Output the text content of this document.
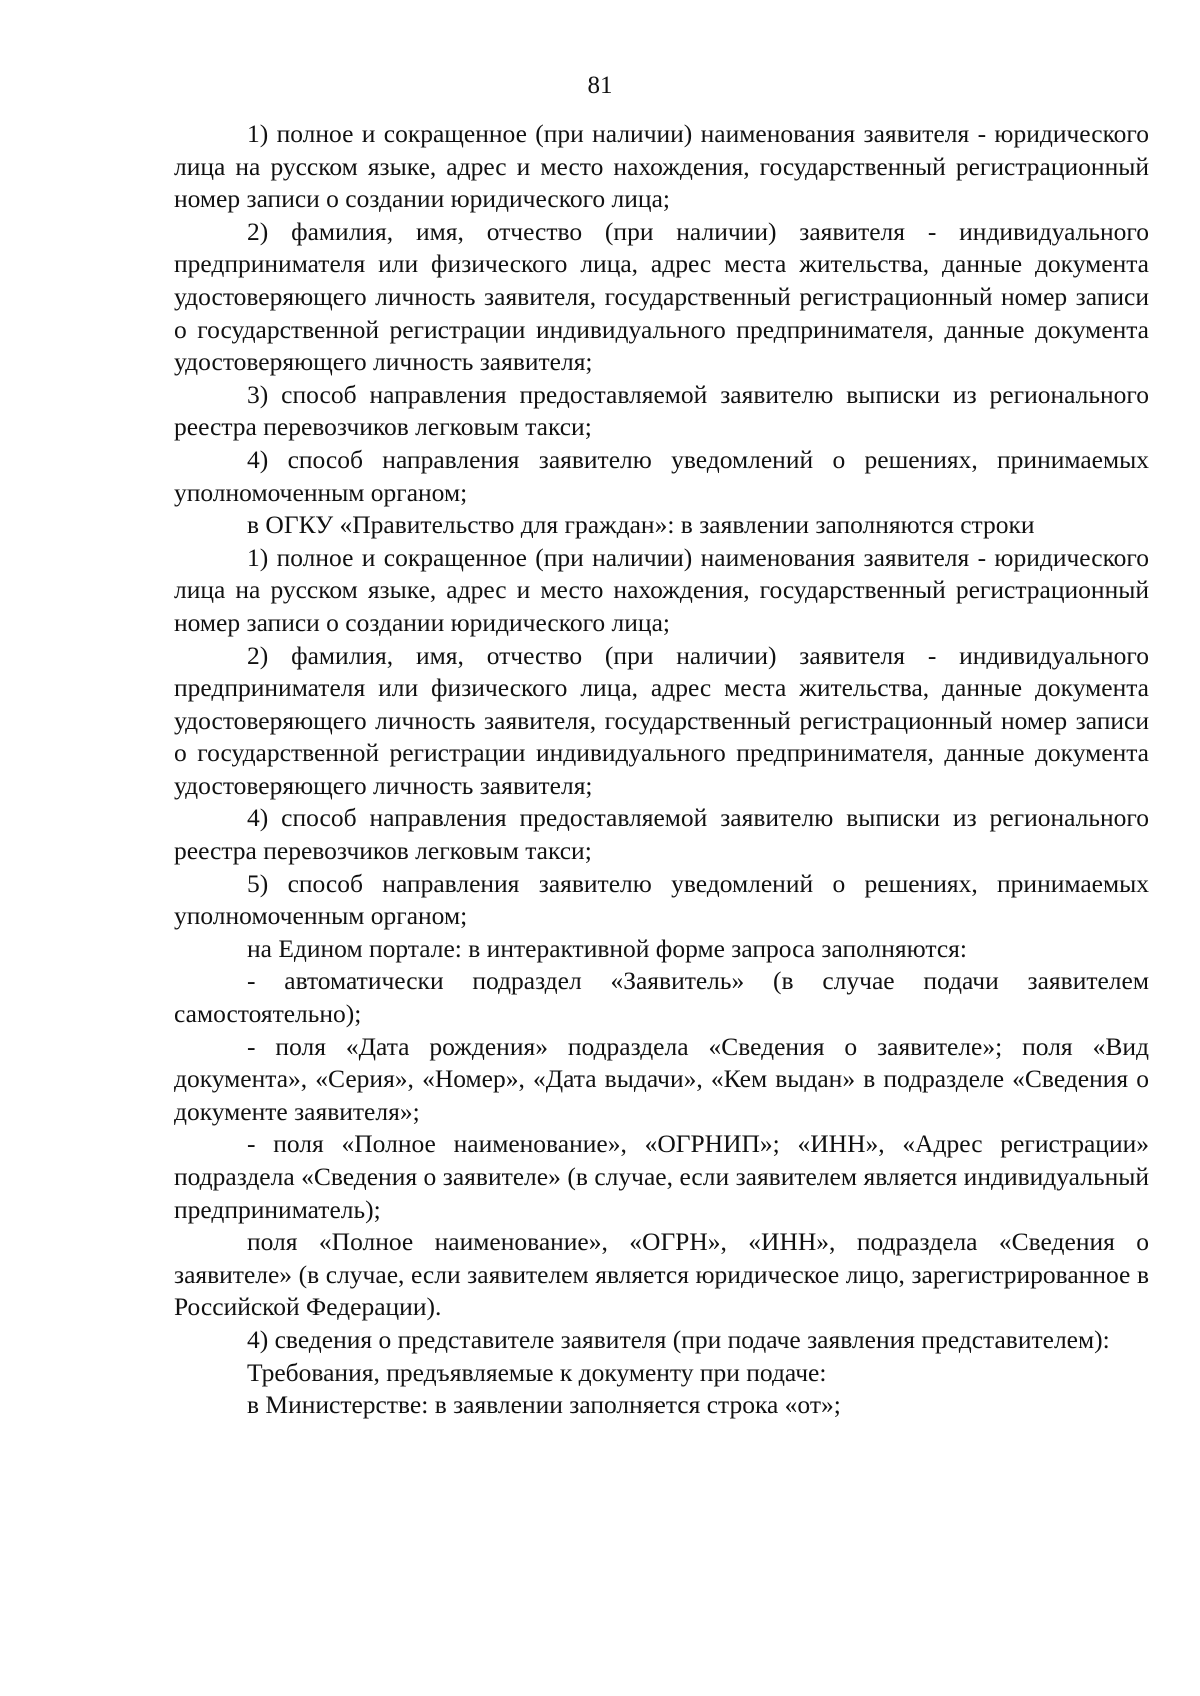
81

1) полное и сокращенное (при наличии) наименования заявителя - юридического лица на русском языке, адрес и место нахождения, государственный регистрационный номер записи о создании юридического лица;

2) фамилия, имя, отчество (при наличии) заявителя - индивидуального предпринимателя или физического лица, адрес места жительства, данные документа удостоверяющего личность заявителя, государственный регистрационный номер записи о государственной регистрации индивидуального предпринимателя, данные документа удостоверяющего личность заявителя;

3) способ направления предоставляемой заявителю выписки из регионального реестра перевозчиков легковым такси;

4) способ направления заявителю уведомлений о решениях, принимаемых уполномоченным органом;

в ОГКУ «Правительство для граждан»: в заявлении заполняются строки

1) полное и сокращенное (при наличии) наименования заявителя - юридического лица на русском языке, адрес и место нахождения, государственный регистрационный номер записи о создании юридического лица;

2) фамилия, имя, отчество (при наличии) заявителя - индивидуального предпринимателя или физического лица, адрес места жительства, данные документа удостоверяющего личность заявителя, государственный регистрационный номер записи о государственной регистрации индивидуального предпринимателя, данные документа удостоверяющего личность заявителя;

4) способ направления предоставляемой заявителю выписки из регионального реестра перевозчиков легковым такси;

5) способ направления заявителю уведомлений о решениях, принимаемых уполномоченным органом;

на Едином портале: в интерактивной форме запроса заполняются:

- автоматически подраздел «Заявитель» (в случае подачи заявителем самостоятельно);

- поля «Дата рождения» подраздела «Сведения о заявителе»; поля «Вид документа», «Серия», «Номер», «Дата выдачи», «Кем выдан» в подразделе «Сведения о документе заявителя»;

- поля «Полное наименование», «ОГРНИП»; «ИНН», «Адрес регистрации» подраздела «Сведения о заявителе» (в случае, если заявителем является индивидуальный предприниматель);

поля «Полное наименование», «ОГРН», «ИНН», подраздела «Сведения о заявителе» (в случае, если заявителем является юридическое лицо, зарегистрированное в Российской Федерации).

4) сведения о представителе заявителя (при подаче заявления представителем):

Требования, предъявляемые к документу при подаче:

в Министерстве: в заявлении заполняется строка «от»;
